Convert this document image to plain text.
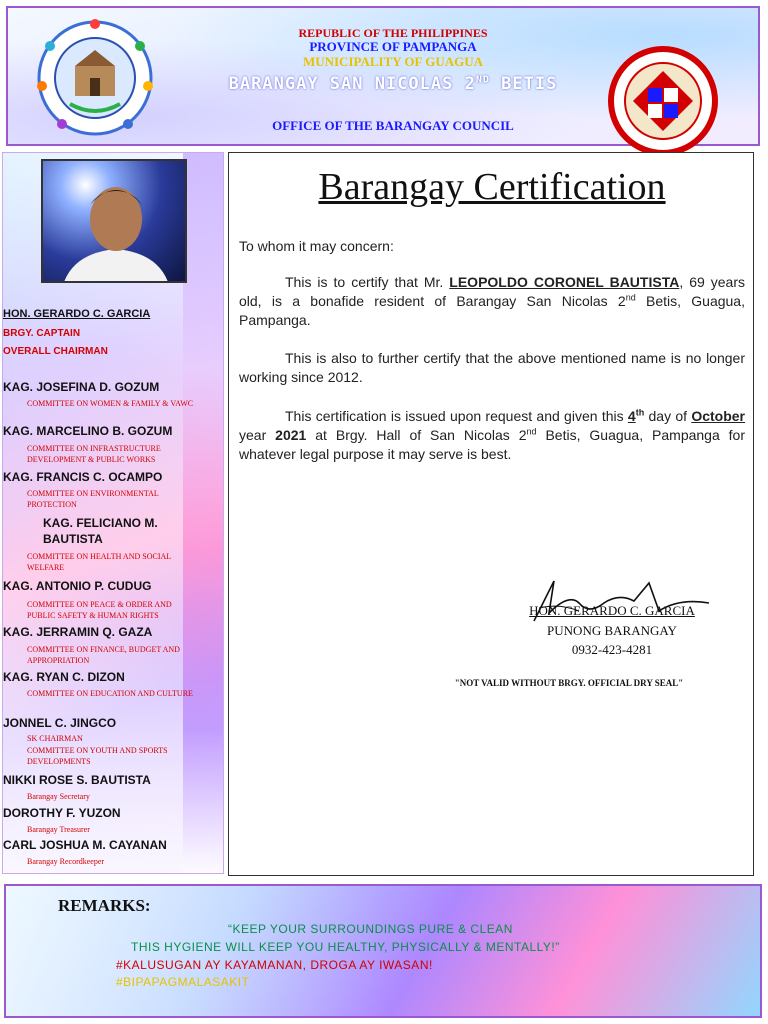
REPUBLIC OF THE PHILIPPINES
PROVINCE OF PAMPANGA
MUNICIPALITY OF GUAGUA
BARANGAY SAN NICOLAS 2ND BETIS
OFFICE OF THE BARANGAY COUNCIL
HON. GERARDO C. GARCIA
BRGY. CAPTAIN
OVERALL CHAIRMAN
KAG. JOSEFINA D. GOZUM
COMMITTEE ON WOMEN & FAMILY & VAWC
KAG. MARCELINO B. GOZUM
COMMITTEE ON INFRASTRUCTURE DEVELOPMENT & PUBLIC WORKS
KAG. FRANCIS C. OCAMPO
COMMITTEE ON ENVIRONMENTAL PROTECTION
KAG. FELICIANO M. BAUTISTA
COMMITTEE ON HEALTH AND SOCIAL WELFARE
KAG. ANTONIO P. CUDUG
COMMITTEE ON PEACE & ORDER AND PUBLIC SAFETY & HUMAN RIGHTS
KAG. JERRAMIN Q. GAZA
COMMITTEE ON FINANCE, BUDGET AND APPROPRIATION
KAG. RYAN C. DIZON
COMMITTEE ON EDUCATION AND CULTURE
JONNEL C. JINGCO
SK CHAIRMAN
COMMITTEE ON YOUTH AND SPORTS DEVELOPMENTS
NIKKI ROSE S. BAUTISTA
Barangay Secretary
DOROTHY F. YUZON
Barangay Treasurer
CARL JOSHUA M. CAYANAN
Barangay Recordkeeper
Barangay Certification
To whom it may concern:
This is to certify that Mr. LEOPOLDO CORONEL BAUTISTA, 69 years old, is a bonafide resident of Barangay San Nicolas 2nd Betis, Guagua, Pampanga.
This is also to further certify that the above mentioned name is no longer working since 2012.
This certification is issued upon request and given this 4th day of October year 2021 at Brgy. Hall of San Nicolas 2nd Betis, Guagua, Pampanga for whatever legal purpose it may serve is best.
HON. GERARDO C. GARCIA
PUNONG BARANGAY
0932-423-4281
"NOT VALID WITHOUT BRGY. OFFICIAL DRY SEAL"
REMARKS:
“KEEP YOUR SURROUNDINGS PURE & CLEAN
THIS HYGIENE WILL KEEP YOU HEALTHY, PHYSICALLY & MENTALLY!”
#KALUSUGAN AY KAYAMANAN, DROGA AY IWASAN!
#BIPAPAGMALASAKIT
